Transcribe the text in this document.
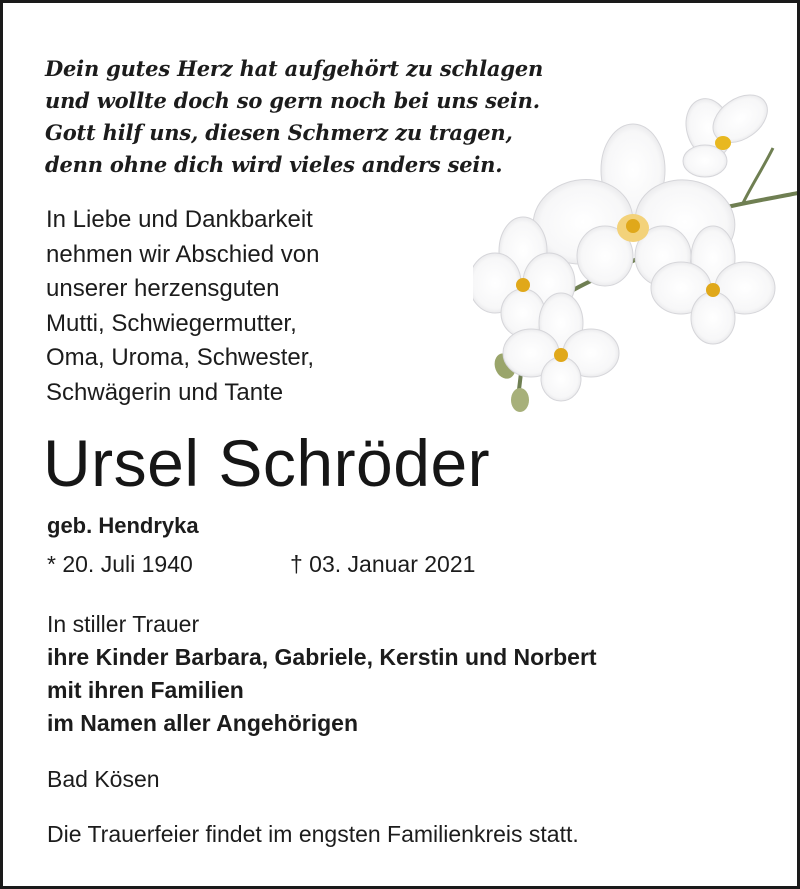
Dein gutes Herz hat aufgehört zu schlagen
und wollte doch so gern noch bei uns sein.
Gott hilf uns, diesen Schmerz zu tragen,
denn ohne dich wird vieles anders sein.
In Liebe und Dankbarkeit
nehmen wir Abschied von
unserer herzensguten
Mutti, Schwiegermutter,
Oma, Uroma, Schwester,
Schwägerin und Tante
Ursel Schröder
geb. Hendryka
* 20. Juli 1940	† 03. Januar 2021
In stiller Trauer
ihre Kinder Barbara, Gabriele, Kerstin und Norbert
mit ihren Familien
im Namen aller Angehörigen
Bad Kösen
Die Trauerfeier findet im engsten Familienkreis statt.
